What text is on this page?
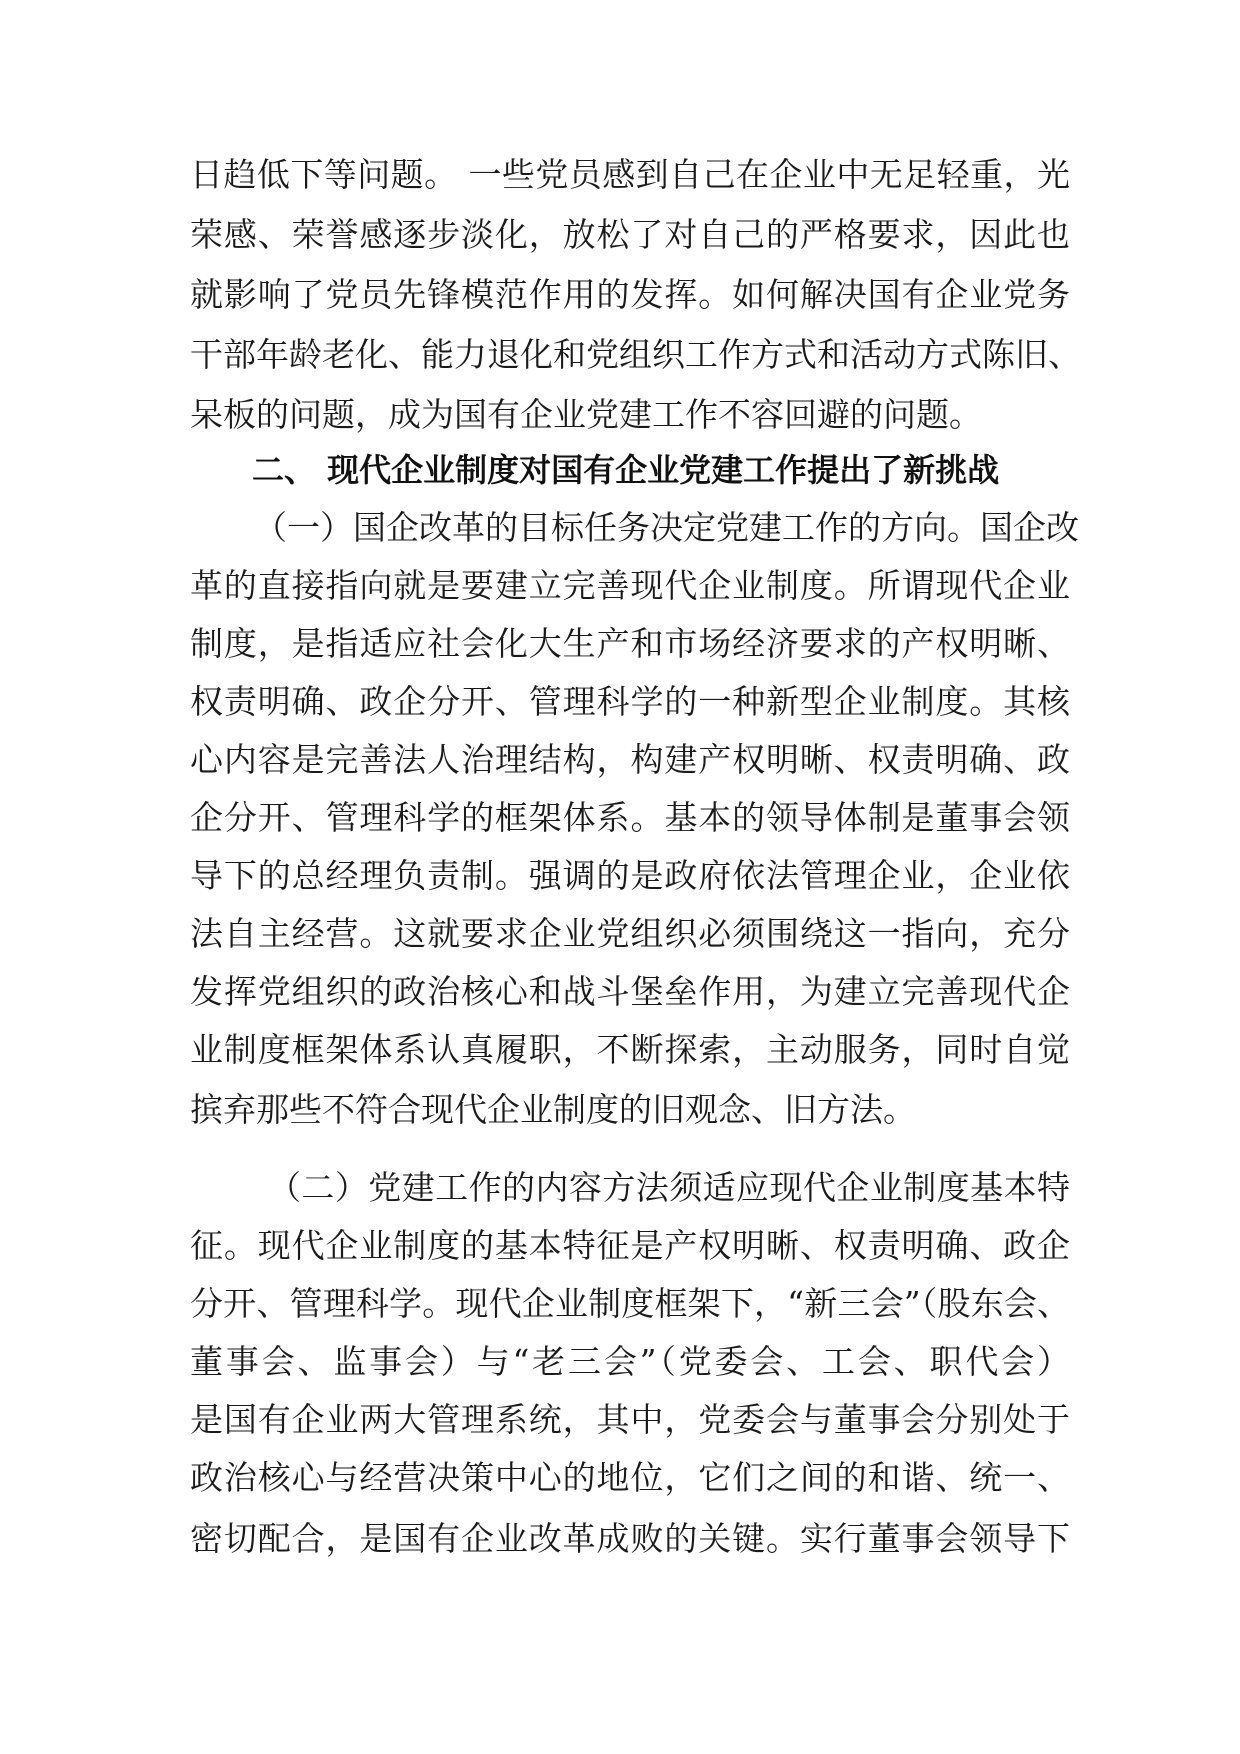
日趋低下等问题。 一些党员感到自己在企业中无足轻重，光
荣感、荣誉感逐步淡化，放松了对自己的严格要求，因此也
就影响了党员先锋模范作用的发挥。如何解决国有企业党务
干部年龄老化、能力退化和党组织工作方式和活动方式陈旧、
呆板的问题，成为国有企业党建工作不容回避的问题。
二、 现代企业制度对国有企业党建工作提出了新挑战
（一）国企改革的目标任务决定党建工作的方向。国企改
革的直接指向就是要建立完善现代企业制度。所谓现代企业
制度，是指适应社会化大生产和市场经济要求的产权明晰、
权责明确、政企分开、管理科学的一种新型企业制度。其核
心内容是完善法人治理结构，构建产权明晰、权责明确、政
企分开、管理科学的框架体系。基本的领导体制是董事会领
导下的总经理负责制。强调的是政府依法管理企业，企业依
法自主经营。这就要求企业党组织必须围绕这一指向，充分
发挥党组织的政治核心和战斗堡垒作用，为建立完善现代企
业制度框架体系认真履职，不断探索，主动服务，同时自觉
摈弃那些不符合现代企业制度的旧观念、旧方法。
（二）党建工作的内容方法须适应现代企业制度基本特
征。现代企业制度的基本特征是产权明晰、权责明确、政企
分开、管理科学。现代企业制度框架下，“新三会”（股东会、
董事会、监事会）与“老三会”（党委会、工会、职代会）
是国有企业两大管理系统，其中，党委会与董事会分别处于
政治核心与经营决策中心的地位，它们之间的和谐、统一、
密切配合，是国有企业改革成败的关键。实行董事会领导下
